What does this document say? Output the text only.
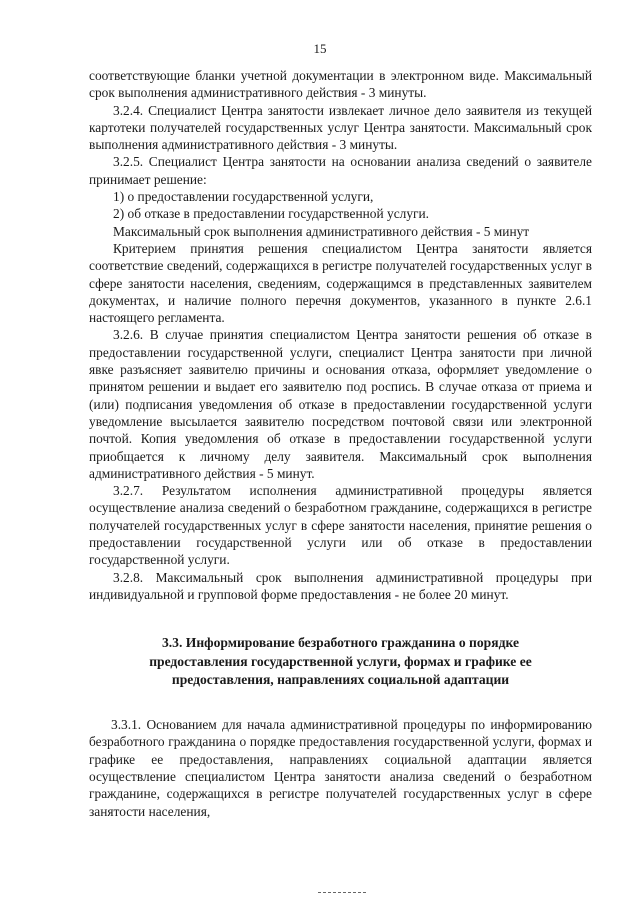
15

соответствующие бланки учетной документации в электронном виде. Максимальный срок выполнения административного действия - 3 минуты.

3.2.4. Специалист Центра занятости извлекает личное дело заявителя из текущей картотеки получателей государственных услуг Центра занятости. Максимальный срок выполнения административного действия - 3 минуты.

3.2.5. Специалист Центра занятости на основании анализа сведений о заявителе принимает решение:

1) о предоставлении государственной услуги,

2) об отказе в предоставлении государственной услуги.

Максимальный срок выполнения административного действия - 5 минут

Критерием принятия решения специалистом Центра занятости является соответствие сведений, содержащихся в регистре получателей государственных услуг в сфере занятости населения, сведениям, содержащимся в представленных заявителем документах, и наличие полного перечня документов, указанного в пункте 2.6.1 настоящего регламента.

3.2.6. В случае принятия специалистом Центра занятости решения об отказе в предоставлении государственной услуги, специалист Центра занятости при личной явке разъясняет заявителю причины и основания отказа, оформляет уведомление о принятом решении и выдает его заявителю под роспись. В случае отказа от приема и (или) подписания уведомления об отказе в предоставлении государственной услуги уведомление высылается заявителю посредством почтовой связи или электронной почтой. Копия уведомления об отказе в предоставлении государственной услуги приобщается к личному делу заявителя. Максимальный срок выполнения административного действия - 5 минут.

3.2.7. Результатом исполнения административной процедуры является осуществление анализа сведений о безработном гражданине, содержащихся в регистре получателей государственных услуг в сфере занятости населения, принятие решения о предоставлении государственной услуги или об отказе в предоставлении государственной услуги.

3.2.8. Максимальный срок выполнения административной процедуры при индивидуальной и групповой форме предоставления - не более 20 минут.

3.3. Информирование безработного гражданина о порядке предоставления государственной услуги, формах и графике ее предоставления, направлениях социальной адаптации

3.3.1. Основанием для начала административной процедуры по информированию безработного гражданина о порядке предоставления государственной услуги, формах и графике ее предоставления, направлениях социальной адаптации является осуществление специалистом Центра занятости анализа сведений о безработном гражданине, содержащихся в регистре получателей государственных услуг в сфере занятости населения,
